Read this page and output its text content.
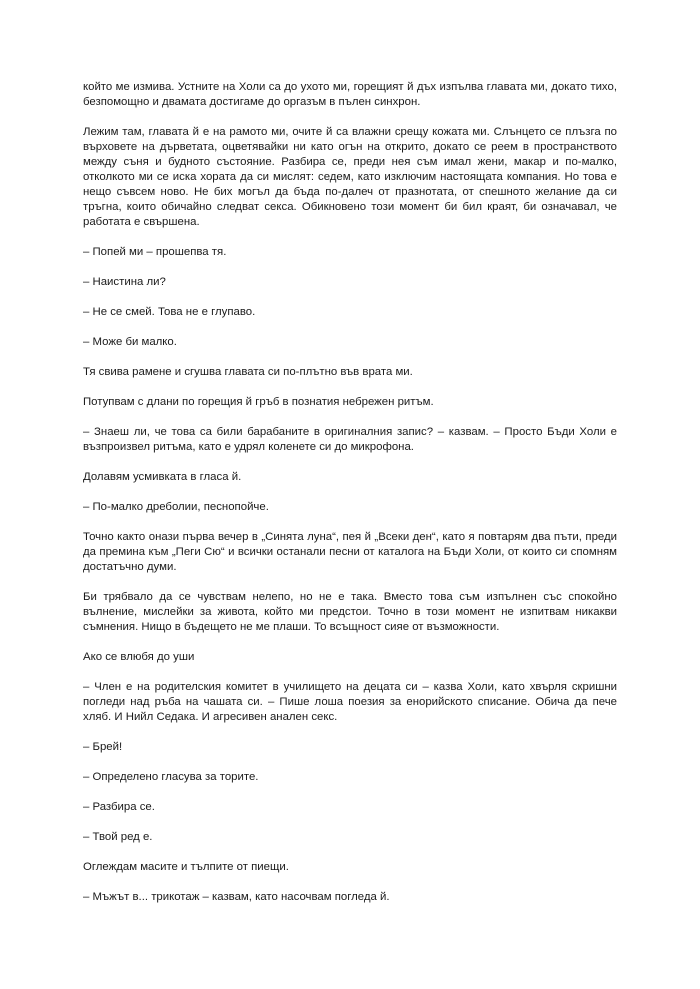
който ме измива. Устните на Холи са до ухото ми, горещият й дъх изпълва главата ми, докато тихо, безпомощно и двамата достигаме до оргазъм в пълен синхрон.

Лежим там, главата й е на рамото ми, очите й са влажни срещу кожата ми. Слънцето се плъзга по върховете на дърветата, оцветявайки ни като огън на открито, докато се реем в пространството между съня и будното състояние. Разбира се, преди нея съм имал жени, макар и по-малко, отколкото ми се иска хората да си мислят: седем, като изключим настоящата компания. Но това е нещо съвсем ново. Не бих могъл да бъда по-далеч от празнотата, от спешното желание да си тръгна, които обичайно следват секса. Обикновено този момент би бил краят, би означавал, че работата е свършена.

– Попей ми – прошепва тя.

– Наистина ли?

– Не се смей. Това не е глупаво.

– Може би малко.

Тя свива рамене и сгушва главата си по-плътно във врата ми.

Потупвам с длани по горещия й гръб в познатия небрежен ритъм.

– Знаеш ли, че това са били барабаните в оригиналния запис? – казвам. – Просто Бъди Холи е възпроизвел ритъма, като е удрял коленете си до микрофона.

Долавям усмивката в гласа й.

– По-малко дреболии, песнопойче.

Точно както онази първа вечер в „Синята луна“, пея й „Всеки ден“, като я повтарям два пъти, преди да премина към „Пеги Сю“ и всички останали песни от каталога на Бъди Холи, от които си спомням достатъчно думи.

Би трябвало да се чувствам нелепо, но не е така. Вместо това съм изпълнен със спокойно вълнение, мислейки за живота, който ми предстои. Точно в този момент не изпитвам никакви съмнения. Нищо в бъдещето не ме плаши. То всъщност сияе от възможности.

Ако се влюбя до уши

– Член е на родителския комитет в училището на децата си – казва Холи, като хвърля скришни погледи над ръба на чашата си. – Пише лоша поезия за енорийското списание. Обича да пече хляб. И Нийл Седака. И агресивен анален секс.

– Брей!

– Определено гласува за торите.

– Разбира се.

– Твой ред е.

Оглеждам масите и тълпите от пиещи.

– Мъжът в... трикотаж – казвам, като насочвам погледа й.
